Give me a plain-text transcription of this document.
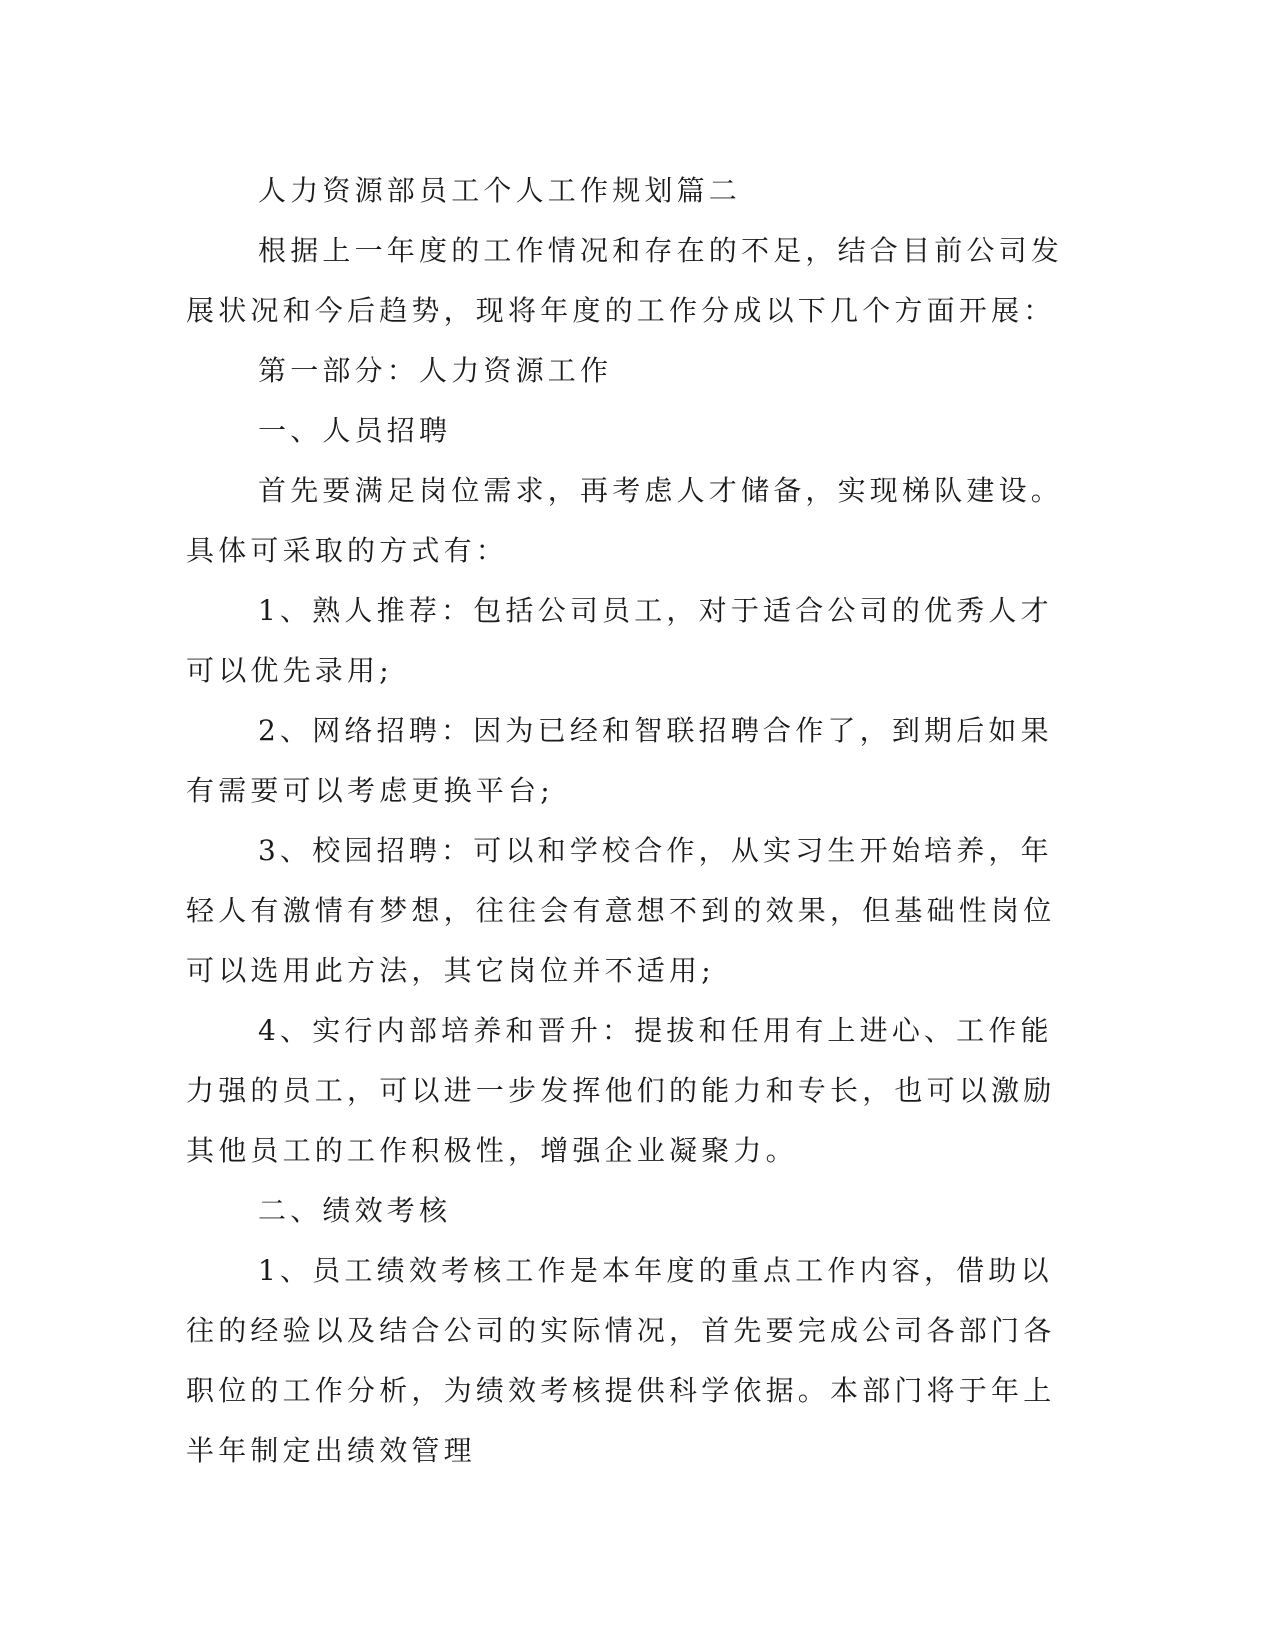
人力资源部员工个人工作规划篇二

根据上一年度的工作情况和存在的不足，结合目前公司发展状况和今后趋势，现将年度的工作分成以下几个方面开展：

第一部分：人力资源工作

一、人员招聘

首先要满足岗位需求，再考虑人才储备，实现梯队建设。具体可采取的方式有：

1、熟人推荐：包括公司员工，对于适合公司的优秀人才可以优先录用;

2、网络招聘：因为已经和智联招聘合作了，到期后如果有需要可以考虑更换平台;

3、校园招聘：可以和学校合作，从实习生开始培养，年轻人有激情有梦想，往往会有意想不到的效果，但基础性岗位可以选用此方法，其它岗位并不适用;

4、实行内部培养和晋升：提拔和任用有上进心、工作能力强的员工，可以进一步发挥他们的能力和专长，也可以激励其他员工的工作积极性，增强企业凝聚力。

二、绩效考核

1、员工绩效考核工作是本年度的重点工作内容，借助以往的经验以及结合公司的实际情况，首先要完成公司各部门各职位的工作分析，为绩效考核提供科学依据。本部门将于年上半年制定出绩效管理
